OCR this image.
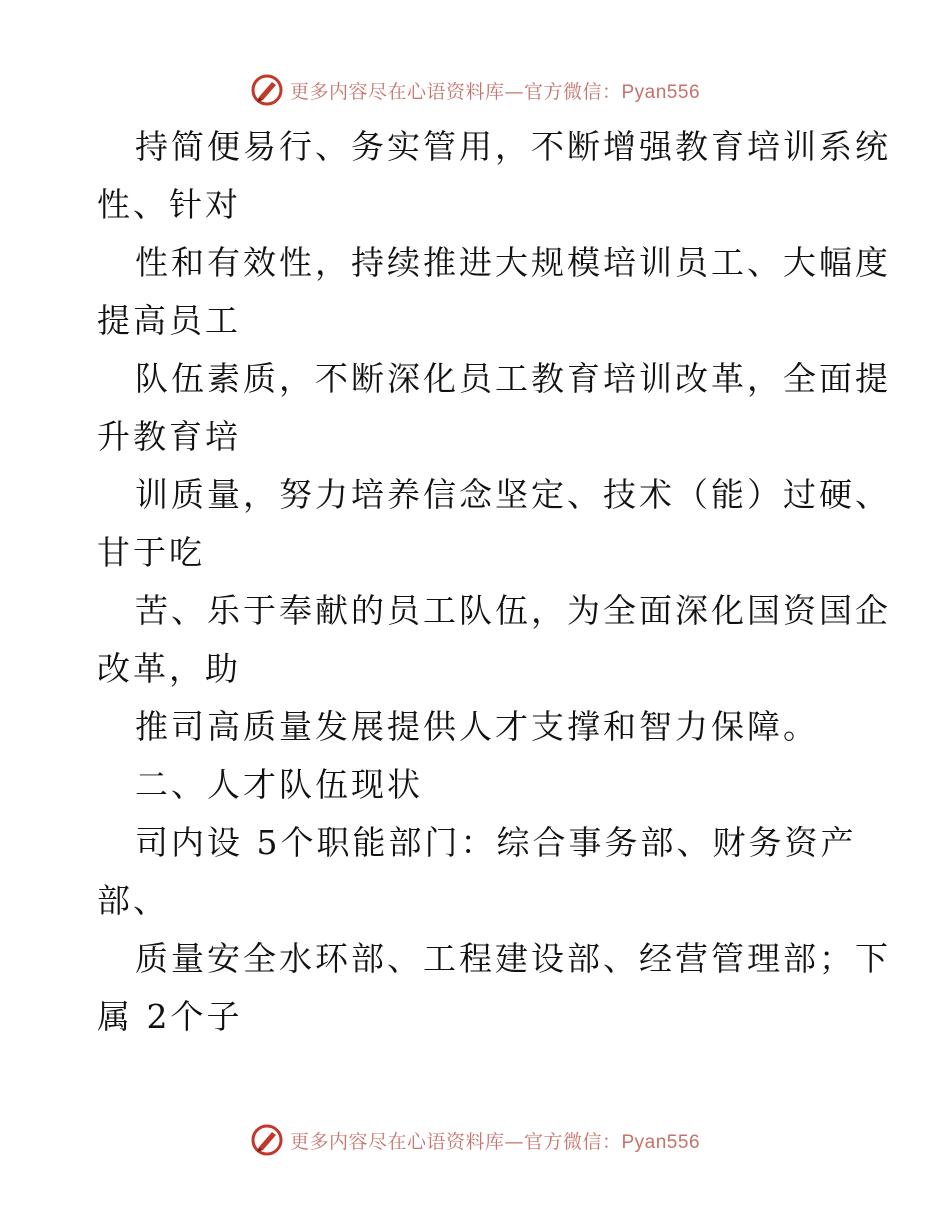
更多内容尽在心语资料库—官方微信：Pyan556
持简便易行、务实管用，不断增强教育培训系统
性、针对
性和有效性，持续推进大规模培训员工、大幅度
提高员工
队伍素质，不断深化员工教育培训改革，全面提
升教育培
训质量，努力培养信念坚定、技术（能）过硬、
甘于吃
苦、乐于奉献的员工队伍，为全面深化国资国企
改革，助
推司高质量发展提供人才支撑和智力保障。
二、人才队伍现状
司内设 5个职能部门：综合事务部、财务资产
部、
质量安全水环部、工程建设部、经营管理部；下
属 2个子
更多内容尽在心语资料库—官方微信：Pyan556
